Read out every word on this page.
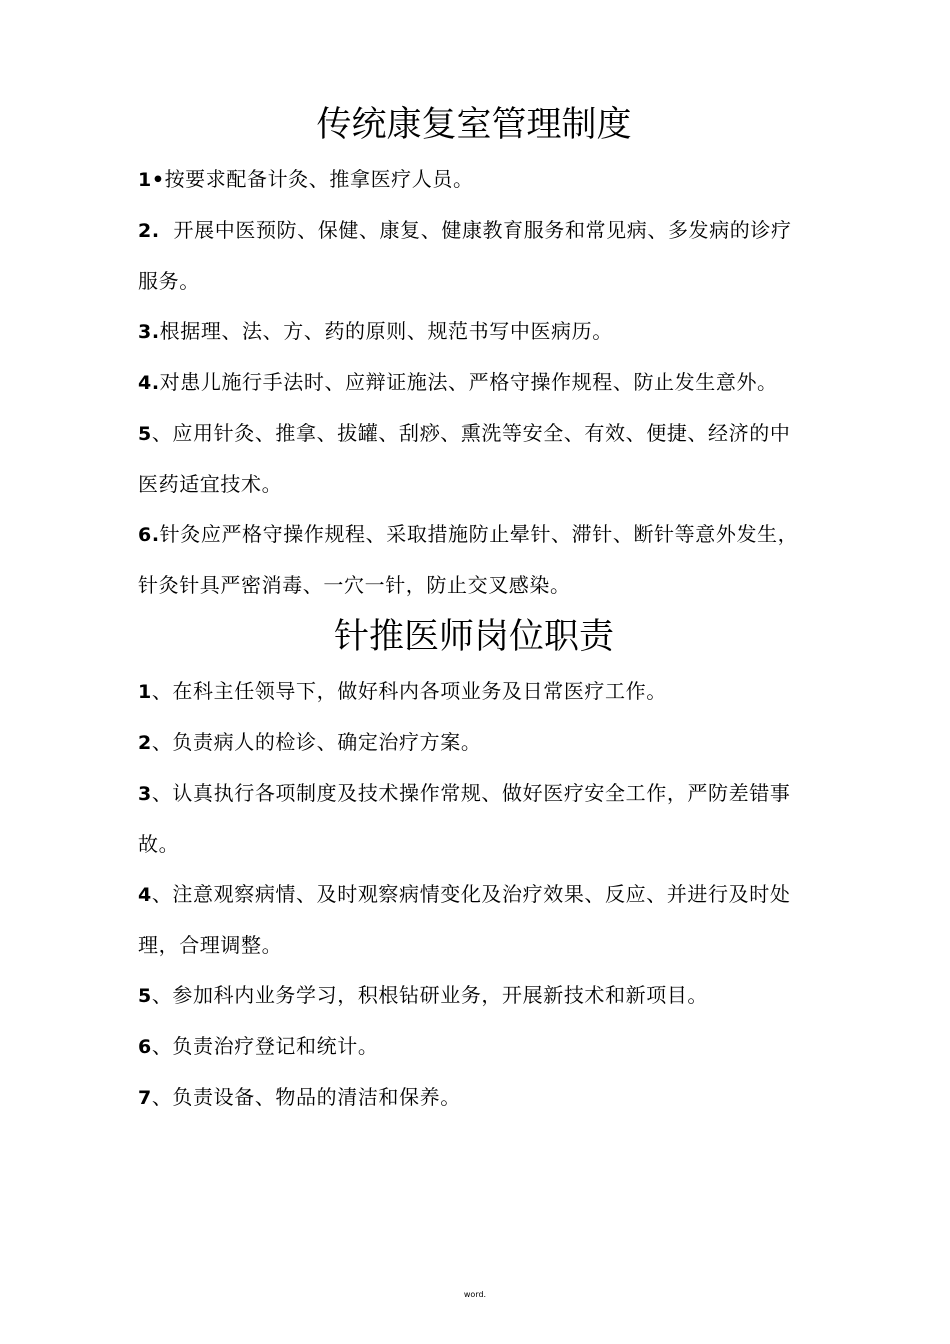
传统康复室管理制度

1•按要求配备计灸、推拿医疗人员。

2.  开展中医预防、保健、康复、健康教育服务和常见病、多发病的诊疗服务。

3.根据理、法、方、药的原则、规范书写中医病历。

4.对患儿施行手法时、应辩证施法、严格守操作规程、防止发生意外。

5、应用针灸、推拿、拔罐、刮痧、熏洗等安全、有效、便捷、经济的中医药适宜技术。

6.针灸应严格守操作规程、采取措施防止晕针、滞针、断针等意外发生，针灸针具严密消毒、一穴一针，防止交叉感染。

针推医师岗位职责

1、在科主任领导下，做好科内各项业务及日常医疗工作。

2、负责病人的检诊、确定治疗方案。

3、认真执行各项制度及技术操作常规、做好医疗安全工作，严防差错事故。

4、注意观察病情、及时观察病情变化及治疗效果、反应、并进行及时处理，合理调整。

5、参加科内业务学习，积根钻研业务，开展新技术和新项目。

6、负责治疗登记和统计。

7、负责设备、物品的清洁和保养。

word.
